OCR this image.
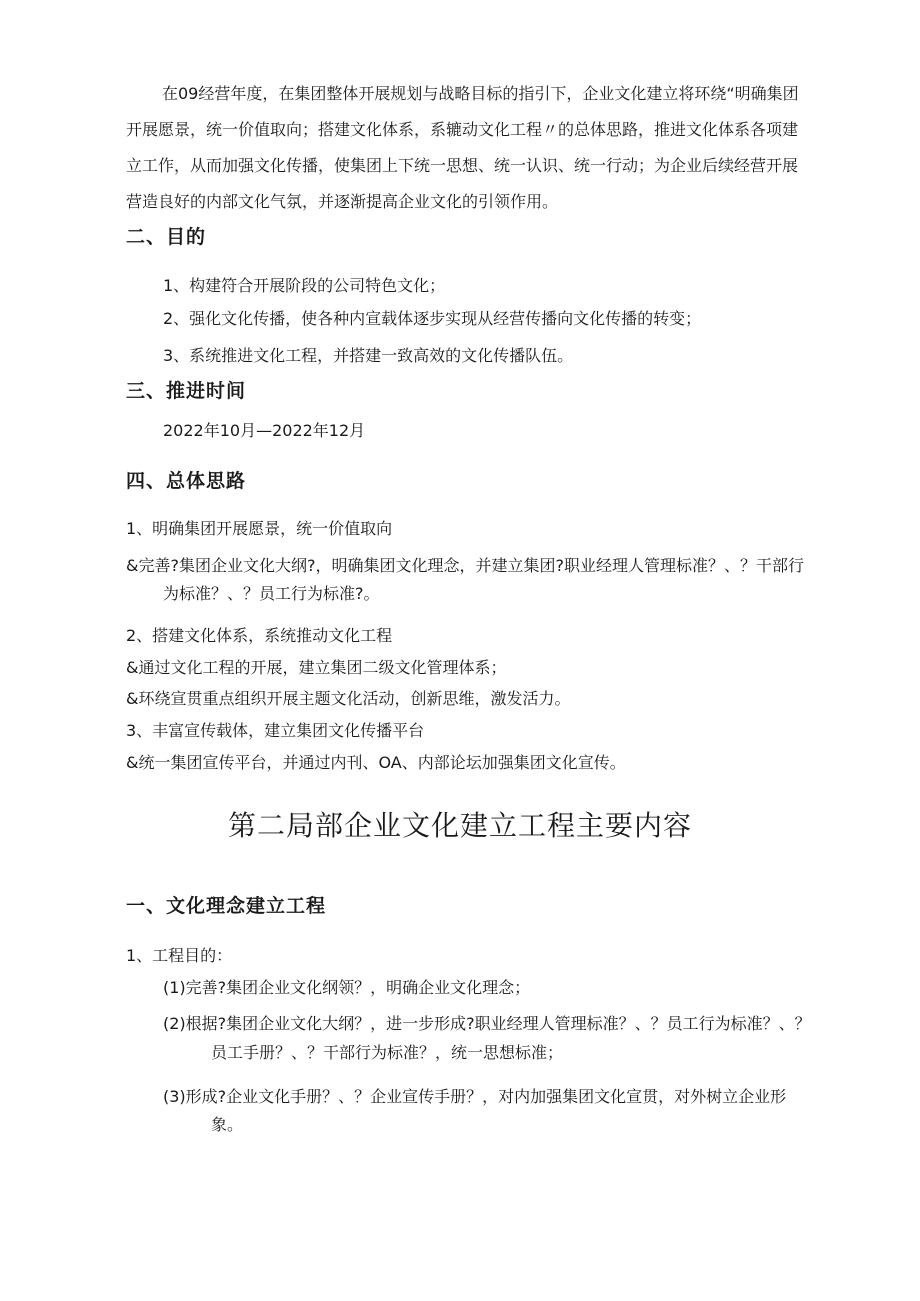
在09经营年度，在集团整体开展规划与战略目标的指引下，企业文化建立将环绕“明确集团

开展愿景，统一价值取向；搭建文化体系，系辘动文化工程〃的总体思路，推进文化体系各项建

立工作，从而加强文化传播，使集团上下统一思想、统一认识、统一行动；为企业后续经营开展

营造良好的内部文化气氛，并逐渐提高企业文化的引领作用。

二、目的
1、构建符合开展阶段的公司特色文化；
2、强化文化传播，使各种内宣载体逐步实现从经营传播向文化传播的转变；
3、系统推进文化工程，并搭建一致高效的文化传播队伍。
三、推进时间
2022年10月—2022年12月
四、总体思路
1、明确集团开展愿景，统一价值取向
&完善?集团企业文化大纲?，明确集团文化理念，并建立集团?职业经理人管理标准？、？干部行
为标准？、？员工行为标准?。
2、搭建文化体系，系统推动文化工程
&通过文化工程的开展，建立集团二级文化管理体系；
&环绕宣贯重点组织开展主题文化活动，创新思维，激发活力。
3、丰富宣传载体，建立集团文化传播平台
&统一集团宣传平台，并通过内刊、OA、内部论坛加强集团文化宣传。
第二局部企业文化建立工程主要内容
一、文化理念建立工程
1、工程目的：
(1)完善?集团企业文化纲领？，明确企业文化理念；
(2)根据?集团企业文化大纲？，进一步形成?职业经理人管理标准？、？员工行为标准？、？
员工手册？、？干部行为标准？，统一思想标准；
(3)形成?企业文化手册？、？企业宣传手册？，对内加强集团文化宣贯，对外树立企业形
象。
